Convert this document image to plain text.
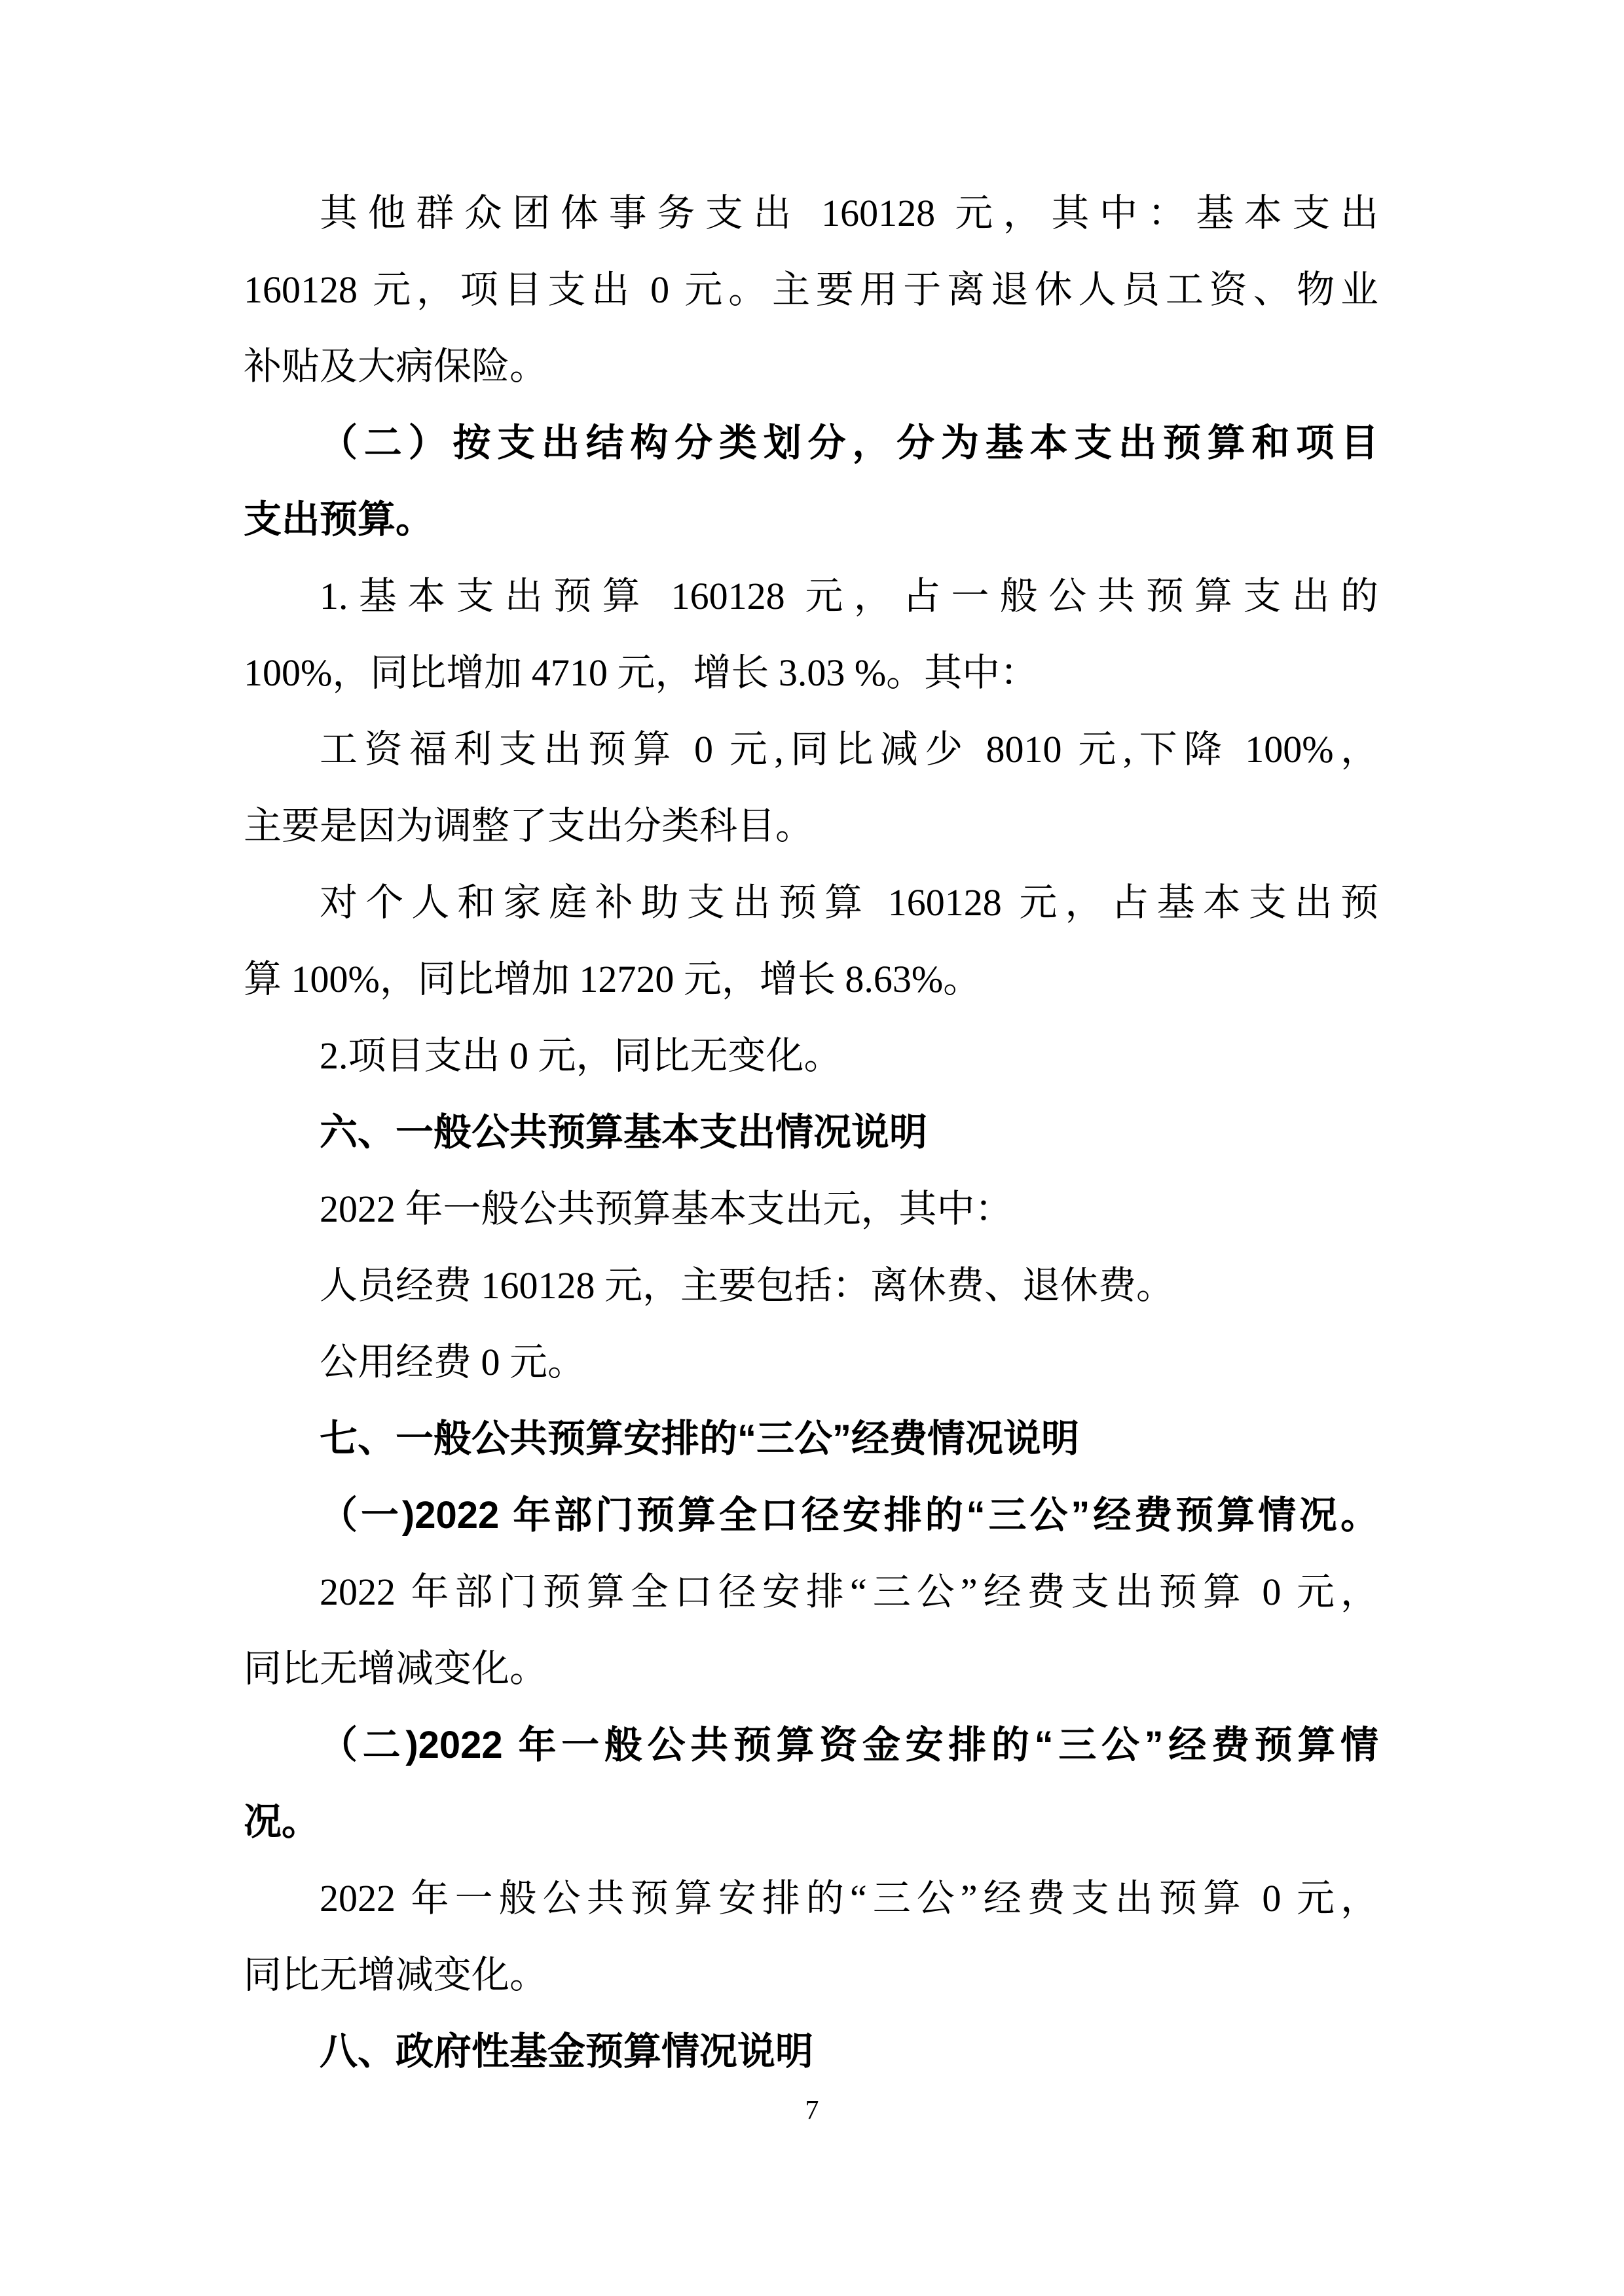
其他群众团体事务支出 160128 元，其中：基本支出
160128 元，项目支出 0 元。主要用于离退休人员工资、物业
补贴及大病保险。
（二）按支出结构分类划分，分为基本支出预算和项目
支出预算。
1.基本支出预算 160128 元，占一般公共预算支出的
100%，同比增加 4710 元，增长 3.03 %。其中：
工资福利支出预算 0 元,同比减少 8010 元,下降 100%，
主要是因为调整了支出分类科目。
对个人和家庭补助支出预算 160128 元，占基本支出预
算 100%，同比增加 12720 元，增长 8.63%。
2.项目支出 0 元，同比无变化。
六、一般公共预算基本支出情况说明
2022 年一般公共预算基本支出元，其中：
人员经费 160128 元，主要包括：离休费、退休费。
公用经费 0 元。
七、一般公共预算安排的“三公”经费情况说明
（一)2022 年部门预算全口径安排的“三公”经费预算情况。
2022 年部门预算全口径安排“三公”经费支出预算 0 元，
同比无增减变化。
（二)2022 年一般公共预算资金安排的“三公”经费预算情
况。
2022 年一般公共预算安排的“三公”经费支出预算 0 元，
同比无增减变化。
八、政府性基金预算情况说明
7
